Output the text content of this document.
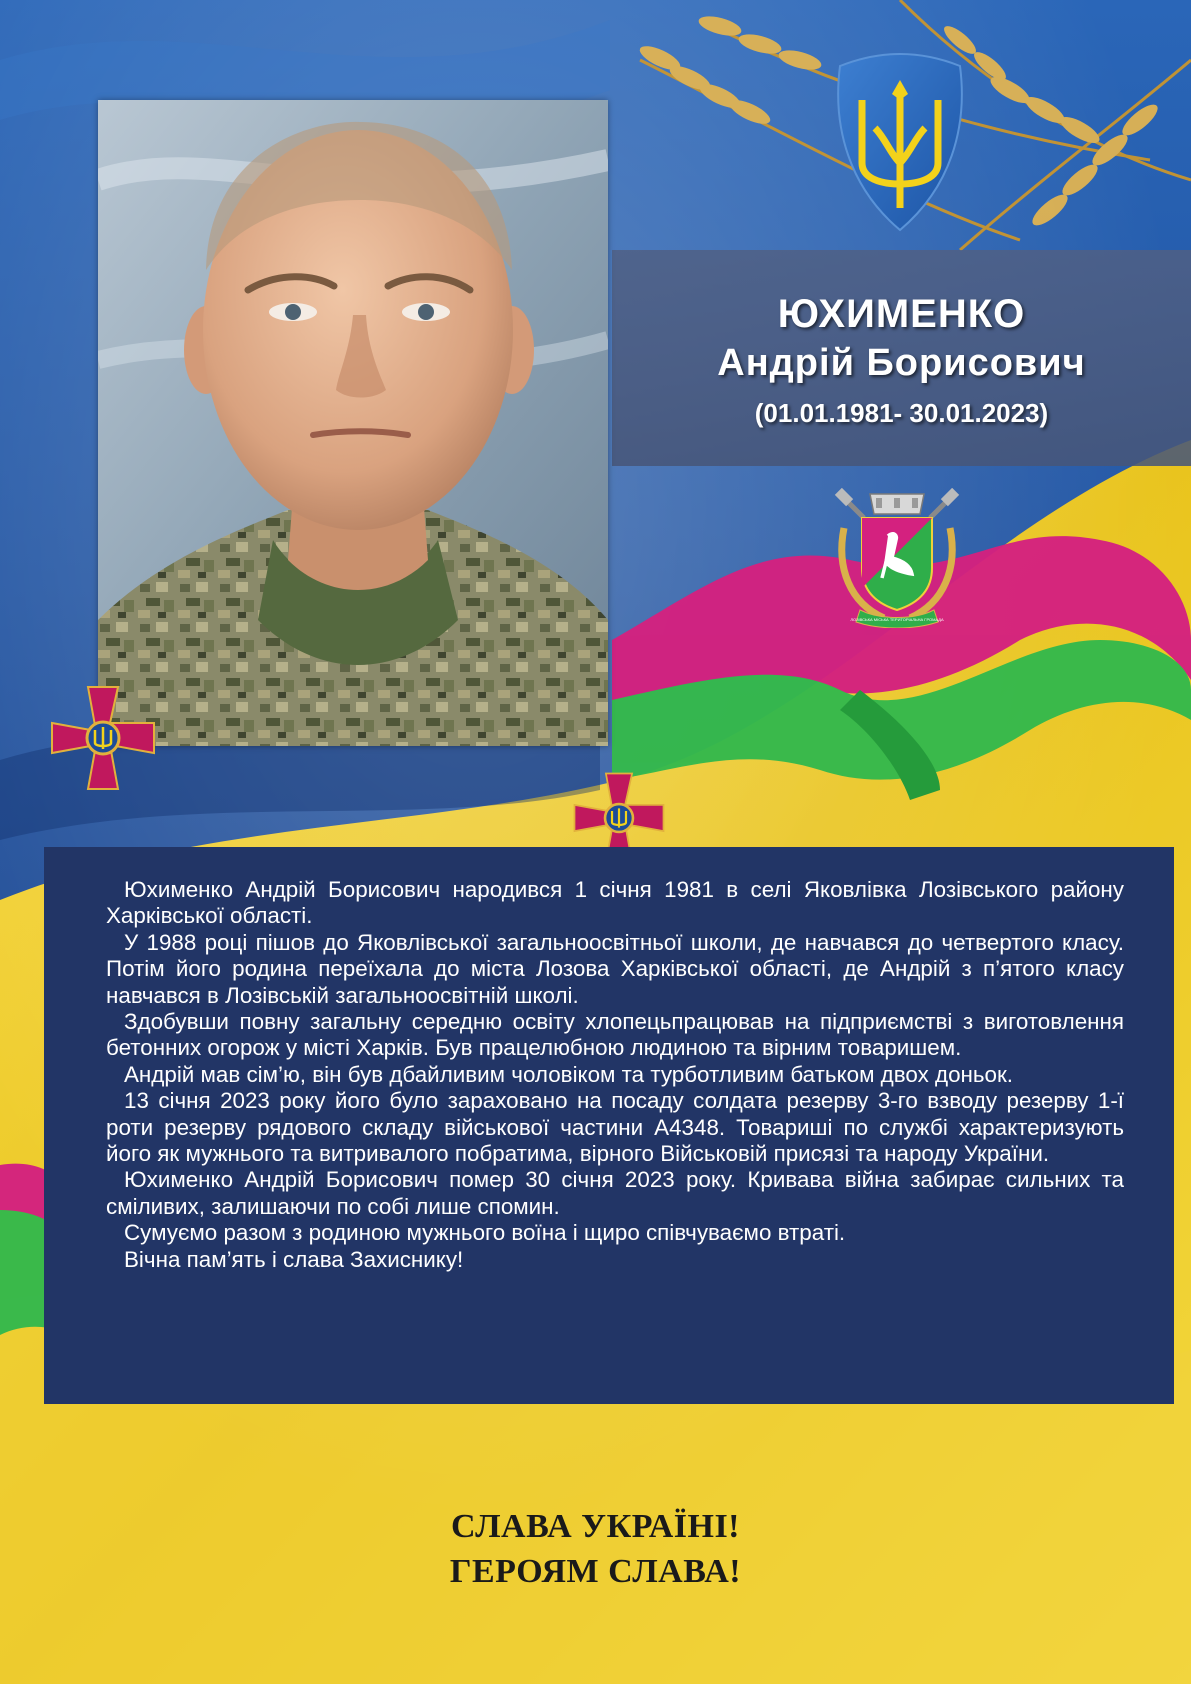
ЮХИМЕНКО
Андрій Борисович
(01.01.1981- 30.01.2023)
ЛОЗІВСЬКА МІСЬКА ТЕРИТОРІАЛЬНА ГРОМАДА

Юхименко Андрій Борисович народився 1 січня 1981 в селі Яковлівка Лозівського району Харківської області.

У 1988 році пішов до Яковлівської загальноосвітньої школи, де навчався до четвертого класу. Потім його родина переїхала до міста Лозова Харківської області, де Андрій з п’ятого класу навчався в Лозівській загальноосвітній школі.

Здобувши повну загальну середню освіту хлопецьпрацював на підприємстві з виготовлення бетонних огорож у місті Харків. Був працелюбною людиною та вірним товаришем.

Андрій мав сім’ю, він був дбайливим чоловіком та турботливим батьком двох доньок.

13 січня 2023 року його було зараховано на посаду солдата резерву 3-го взводу резерву 1-ї роти резерву рядового складу військової частини А4348. Товариші по службі характеризують його як мужнього та витривалого побратима, вірного Військовій присязі та народу України.

Юхименко Андрій Борисович помер 30 січня 2023 року. Кривава війна забирає сильних та сміливих, залишаючи по собі лише спомин.

Сумуємо разом з родиною мужнього воїна і щиро співчуваємо втраті.

Вічна пам’ять і слава Захиснику!

СЛАВА УКРАЇНІ!
ГЕРОЯМ СЛАВА!
